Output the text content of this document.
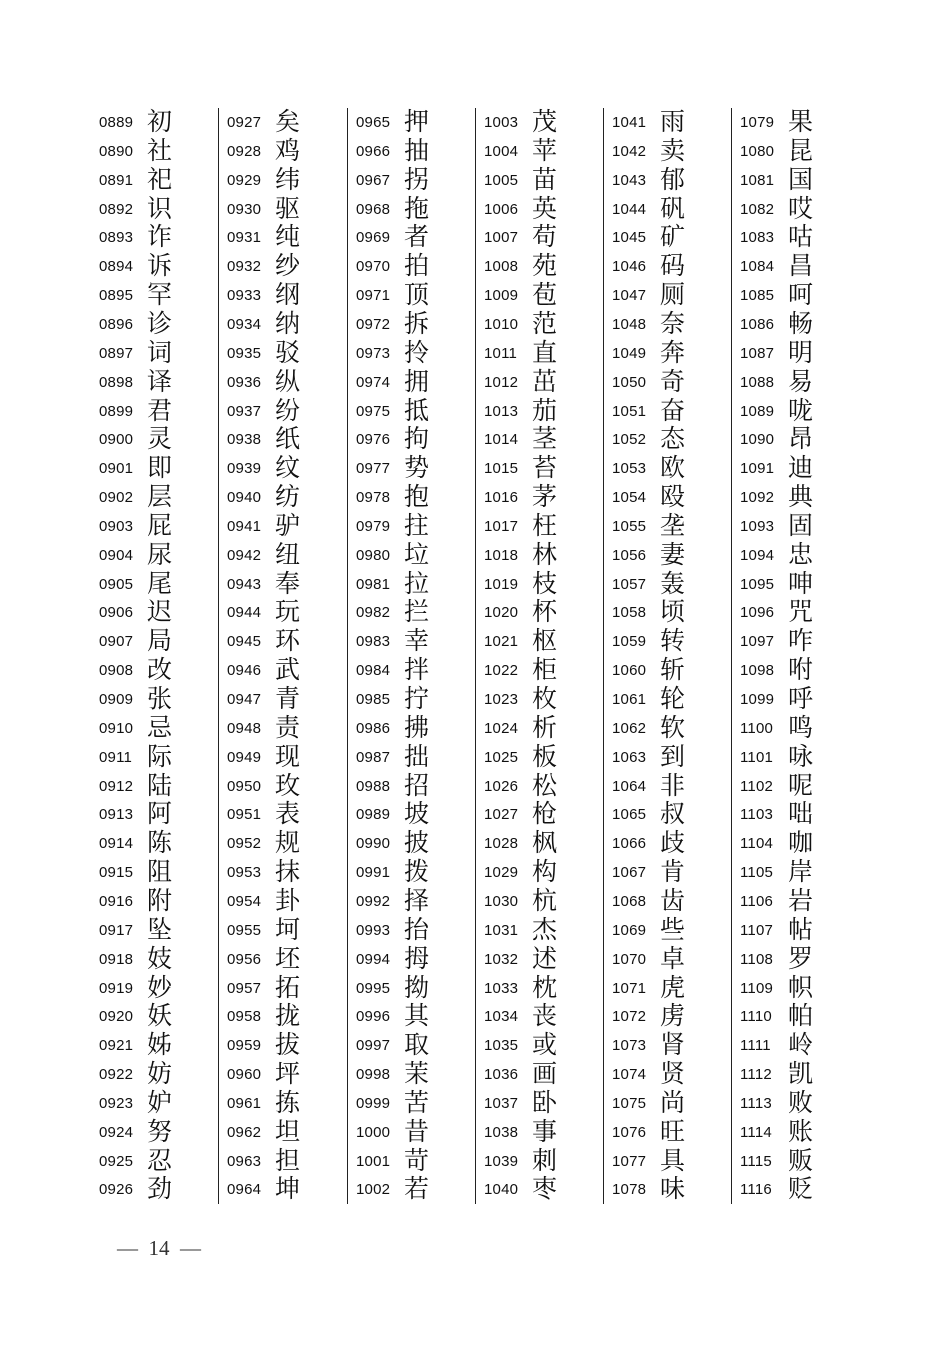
0889 初
0890 社
0891 祀
0892 识
0893 诈
0894 诉
0895 罕
0896 诊
0897 词
0898 译
0899 君
0900 灵
0901 即
0902 层
0903 屁
0904 尿
0905 尾
0906 迟
0907 局
0908 改
0909 张
0910 忌
0911 际
0912 陆
0913 阿
0914 陈
0915 阻
0916 附
0917 坠
0918 妓
0919 妙
0920 妖
0921 姊
0922 妨
0923 妒
0924 努
0925 忍
0926 劲
0927 矣
0928 鸡
0929 纬
0930 驱
0931 纯
0932 纱
0933 纲
0934 纳
0935 驳
0936 纵
0937 纷
0938 纸
0939 纹
0940 纺
0941 驴
0942 纽
0943 奉
0944 玩
0945 环
0946 武
0947 青
0948 责
0949 现
0950 玫
0951 表
0952 规
0953 抹
0954 卦
0955 坷
0956 坯
0957 拓
0958 拢
0959 拔
0960 坪
0961 拣
0962 坦
0963 担
0964 坤
0965 押
0966 抽
0967 拐
0968 拖
0969 者
0970 拍
0971 顶
0972 拆
0973 拎
0974 拥
0975 抵
0976 拘
0977 势
0978 抱
0979 拄
0980 垃
0981 拉
0982 拦
0983 幸
0984 拌
0985 拧
0986 拂
0987 拙
0988 招
0989 坡
0990 披
0991 拨
0992 择
0993 抬
0994 拇
0995 拗
0996 其
0997 取
0998 茉
0999 苦
1000 昔
1001 苛
1002 若
1003 茂
1004 苹
1005 苗
1006 英
1007 苟
1008 苑
1009 苞
1010 范
1011 直
1012 茁
1013 茄
1014 茎
1015 苔
1016 茅
1017 枉
1018 林
1019 枝
1020 杯
1021 枢
1022 柜
1023 枚
1024 析
1025 板
1026 松
1027 枪
1028 枫
1029 构
1030 杭
1031 杰
1032 述
1033 枕
1034 丧
1035 或
1036 画
1037 卧
1038 事
1039 刺
1040 枣
1041 雨
1042 卖
1043 郁
1044 矾
1045 矿
1046 码
1047 厕
1048 奈
1049 奔
1050 奇
1051 奋
1052 态
1053 欧
1054 殴
1055 垄
1056 妻
1057 轰
1058 顷
1059 转
1060 斩
1061 轮
1062 软
1063 到
1064 非
1065 叔
1066 歧
1067 肯
1068 齿
1069 些
1070 卓
1071 虎
1072 虏
1073 肾
1074 贤
1075 尚
1076 旺
1077 具
1078 味
1079 果
1080 昆
1081 国
1082 哎
1083 咕
1084 昌
1085 呵
1086 畅
1087 明
1088 易
1089 咙
1090 昂
1091 迪
1092 典
1093 固
1094 忠
1095 呻
1096 咒
1097 咋
1098 咐
1099 呼
1100 鸣
1101 咏
1102 呢
1103 咄
1104 咖
1105 岸
1106 岩
1107 帖
1108 罗
1109 帜
1110 帕
1111 岭
1112 凯
1113 败
1114 账
1115 贩
1116 贬
— 14 —
